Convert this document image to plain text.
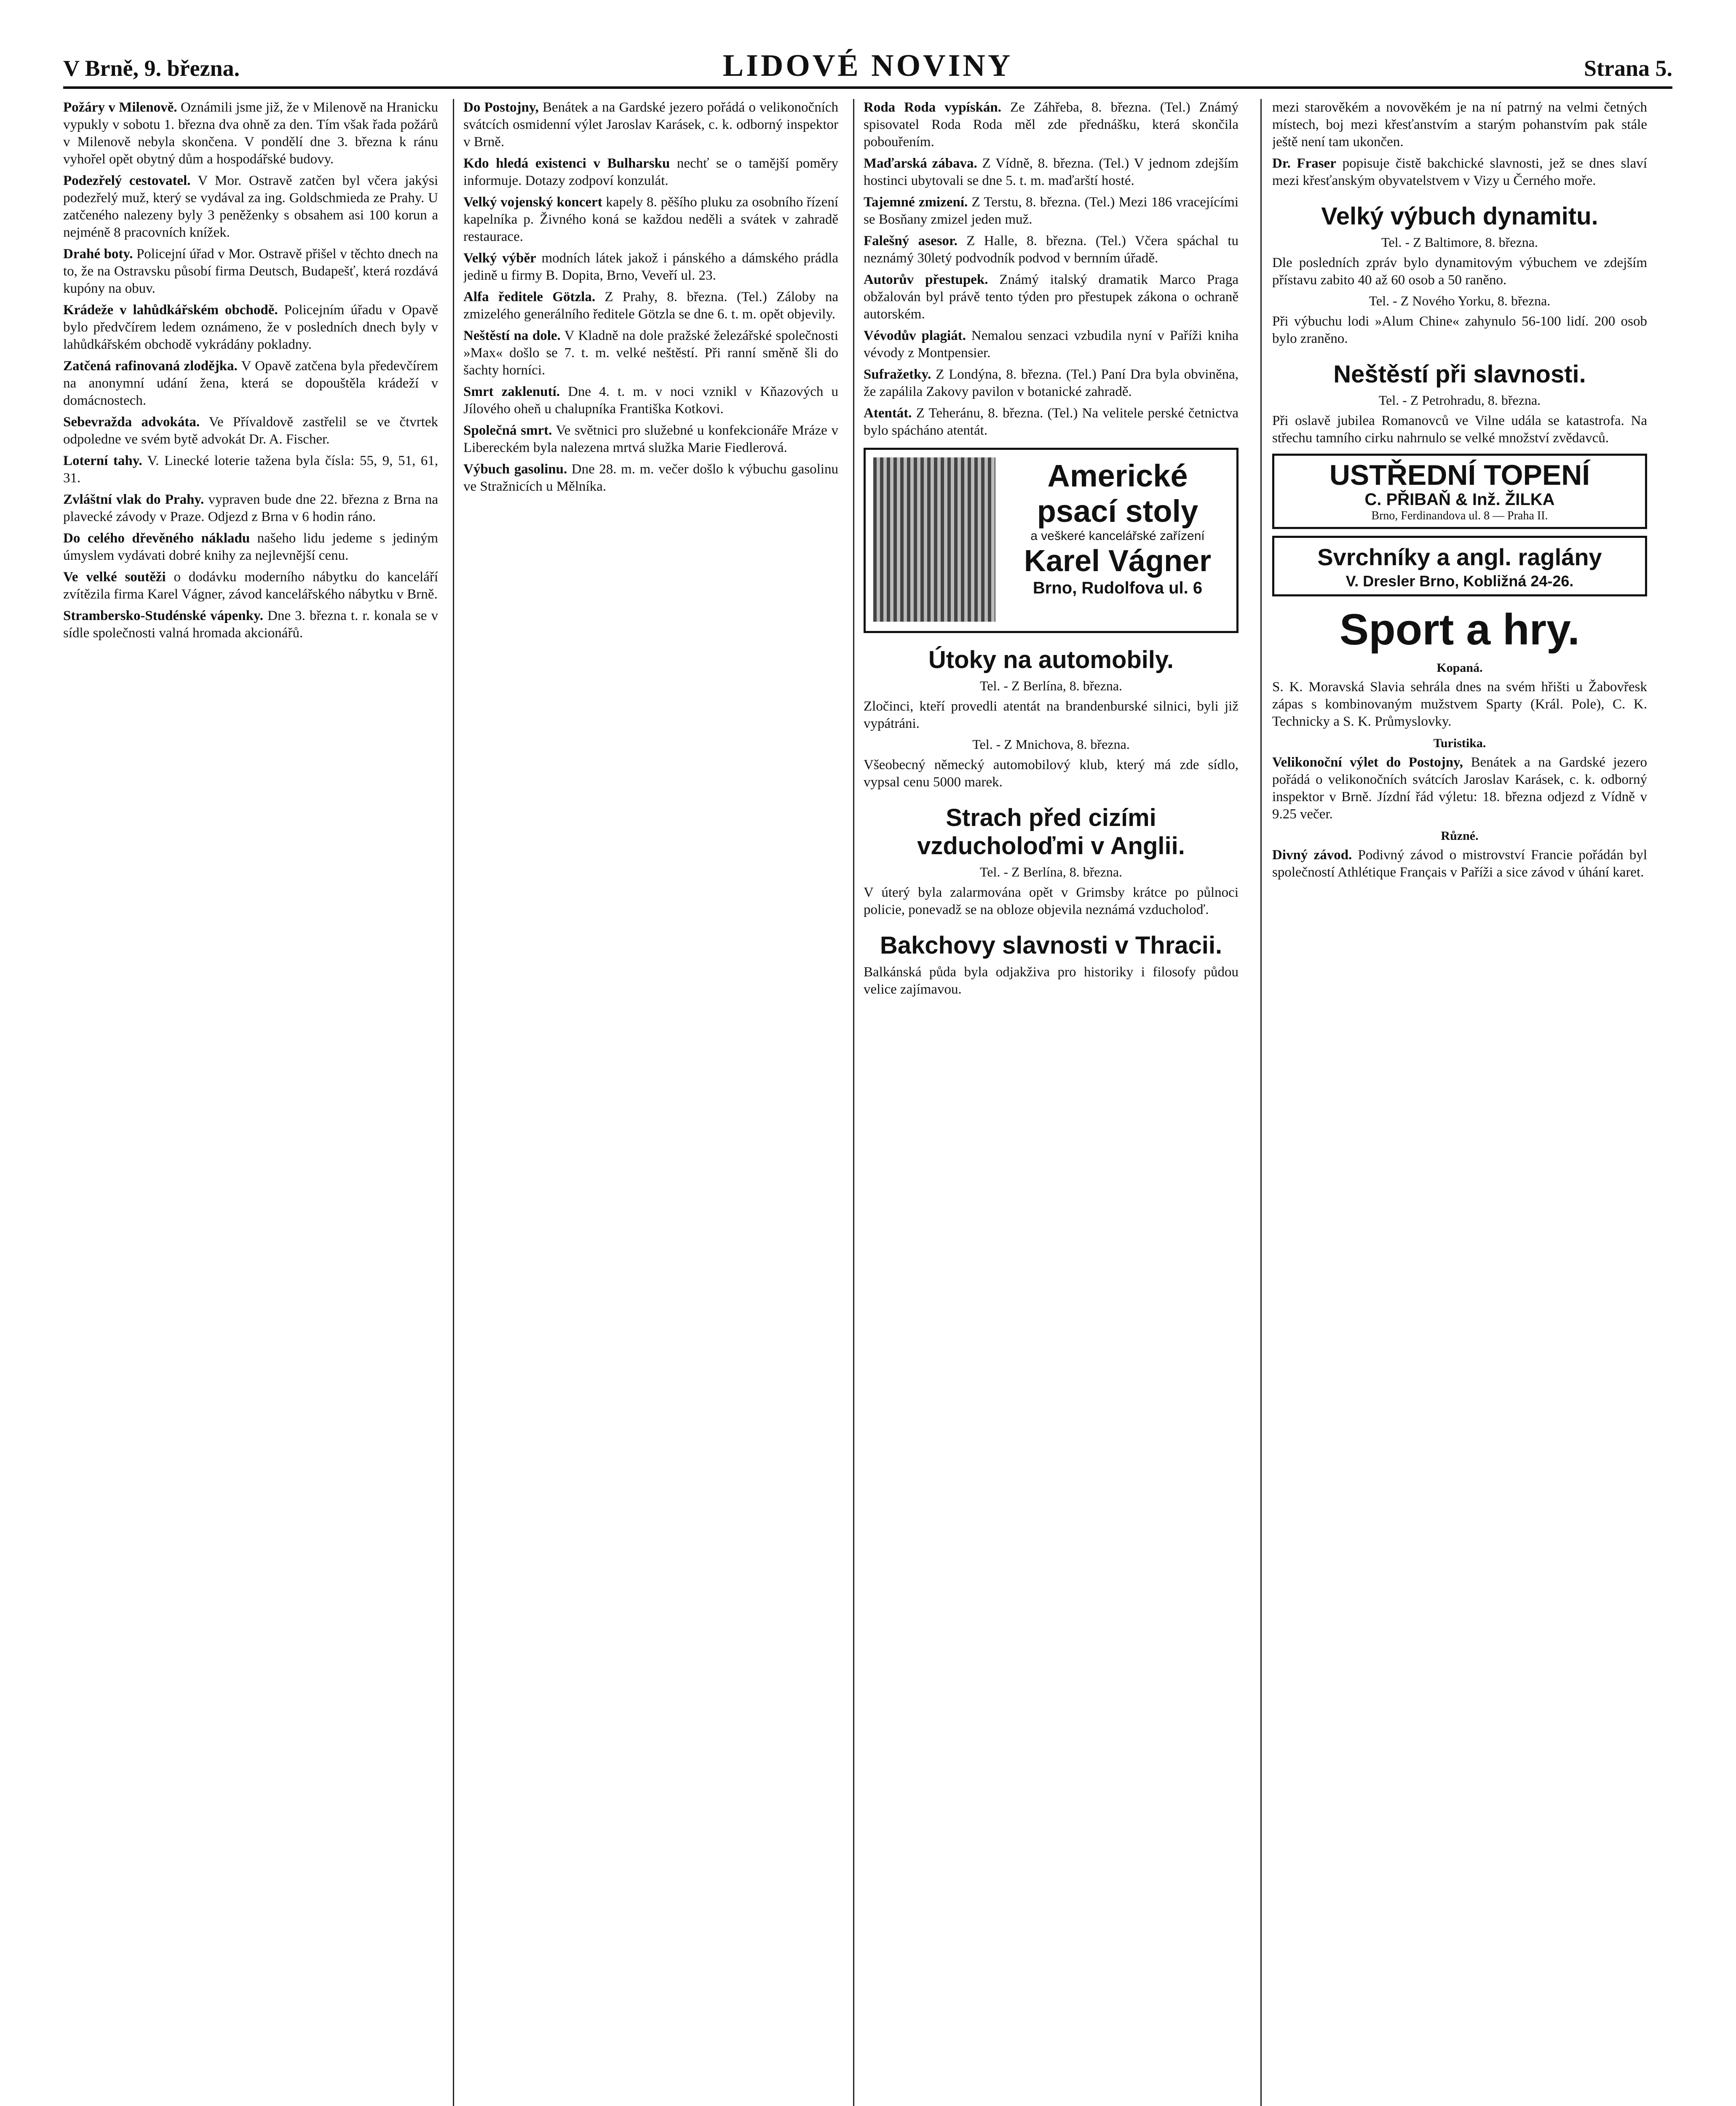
V Brně, 9. března.	LIDOVÉ NOVINY	Strana 5.

Požáry v Milenově. Oznámili jsme již, že v Milenově na Hranicku vypukly v sobotu 1. března dva ohně za den. Tím však řada požárů v Milenově nebyla skončena. V pondělí dne 3. března k ránu vyhořel opět obytný dům a hospodářské budovy.

Podezřelý cestovatel. V Mor. Ostravě zatčen byl včera jakýsi podezřelý muž, který se vydával za ing. Goldschmieda ze Prahy. U zatčeného nalezeny byly 3 peněženky s obsahem asi 100 korun a nejméně 8 pracovních knížek.

Drahé boty. Policejní úřad v Mor. Ostravě přišel v těchto dnech na to, že na Ostravsku působí firma Deutsch, Budapešť, která rozdává kupóny na obuv.

Krádeže v lahůdkářském obchodě. Policejním úřadu v Opavě bylo předvčírem ledem oznámeno, že v posledních dnech byly v lahůdkářském obchodě vykrádány pokladny.

Zatčená rafinovaná zlodějka. V Opavě zatčena byla předevčírem na anonymní udání žena, která se dopouštěla krádeží v domácnostech.

Sebevražda advokáta. Ve Přívaldově zastřelil se ve čtvrtek odpoledne ve svém bytě advokát Dr. A. Fischer.

Loterní tahy. V. Linecké loterie tažena byla čísla: 55, 9, 51, 61, 31.

Zvláštní vlak do Prahy. vypraven bude dne 22. března z Brna na plavecké závody v Praze. Odjezd z Brna v 6 hodin ráno.

Do celého dřevěného nákladu našeho lidu jedeme s jediným úmyslem vydávati dobré knihy za nejlevnější cenu.

Ve velké soutěži o dodávku moderního nábytku do kanceláří zvítězila firma Karel Vágner, závod kancelářského nábytku v Brně.

Strambersko-Studénské vápenky. Dne 3. března t. r. konala se v sídle společnosti valná hromada akcionářů.

Do Postojny, Benátek a na Gardské jezero pořádá o velikonočních svátcích osmidenní výlet Jaroslav Karásek, c. k. odborný inspektor v Brně.

Kdo hledá existenci v Bulharsku nechť se o tamější poměry informuje. Dotazy zodpoví konzulát.

Velký vojenský koncert kapely 8. pěšího pluku za osobního řízení kapelníka p. Živného koná se každou neděli a svátek v zahradě restaurace.

Velký výběr modních látek jakož i pánského a dámského prádla jedině u firmy B. Dopita, Brno, Veveří ul. 23.

Alfa ředitele Götzla. Z Prahy, 8. března. (Tel.) Záloby na zmizelého generálního ředitele Götzla se dne 6. t. m. opět objevily.

Neštěstí na dole. V Kladně na dole pražské železářské společnosti »Max« došlo se 7. t. m. velké neštěstí. Při ranní směně šli do šachty horníci.

Smrt zaklenutí. Dne 4. t. m. v noci vznikl v Kňazových u Jílového oheň u chalupníka Františka Kotkovi.

Společná smrt. Ve světnici pro služebné u konfekcionáře Mráze v Libereckém byla nalezena mrtvá služka Marie Fiedlerová.

Výbuch gasolinu. Dne 28. m. m. večer došlo k výbuchu gasolinu ve Stražnicích u Mělníka.

Roda Roda vypískán. Ze Záhřeba, 8. března. (Tel.) Známý spisovatel Roda Roda měl zde přednášku, která skončila pobouřením.

Maďarská zábava. Z Vídně, 8. března. (Tel.) V jednom zdejším hostinci ubytovali se dne 5. t. m. maďarští hosté.

Tajemné zmizení. Z Terstu, 8. března. (Tel.) Mezi 186 vracejícími se Bosňany zmizel jeden muž.

Falešný asesor. Z Halle, 8. března. (Tel.) Včera spáchal tu neznámý 30letý podvodník podvod v bernním úřadě.

Autorův přestupek. Známý italský dramatik Marco Praga obžalován byl právě tento týden pro přestupek zákona o ochraně autorském.

Vévodův plagiát. Nemalou senzaci vzbudila nyní v Paříži kniha vévody z Montpensier.

Sufražetky. Z Londýna, 8. března. (Tel.) Paní Dra byla obviněna, že zapálila Zakovy pavilon v botanické zahradě.

Atentát. Z Teheránu, 8. března. (Tel.) Na velitele perské četnictva bylo spácháno atentát.

Americké psací stoly
a veškeré kancelářské zařízení
Karel Vágner
Brno, Rudolfova ul. 6
Útoky na automobily.
Tel. - Z Berlína, 8. března.

Zločinci, kteří provedli atentát na brandenburské silnici, byli již vypátráni.

Tel. - Z Mnichova, 8. března.

Všeobecný německý automobilový klub, který má zde sídlo, vypsal cenu 5000 marek.

Strach před cizími vzducholoďmi v Anglii.
Tel. - Z Berlína, 8. března.

V úterý byla zalarmována opět v Grimsby krátce po půlnoci policie, ponevadž se na obloze objevila neznámá vzducholoď.

Bakchovy slavnosti v Thracii.

Balkánská půda byla odjakživa pro historiky i filosofy půdou velice zajímavou.

mezi starověkém a novověkém je na ní patrný na velmi četných místech, boj mezi křesťanstvím a starým pohanstvím pak stále ještě není tam ukončen.

Dr. Fraser popisuje čistě bakchické slavnosti, jež se dnes slaví mezi křesťanským obyvatelstvem v Vizy u Černého moře.

Velký výbuch dynamitu.
Tel. - Z Baltimore, 8. března.

Dle posledních zpráv bylo dynamitovým výbuchem ve zdejším přístavu zabito 40 až 60 osob a 50 raněno.

Tel. - Z Nového Yorku, 8. března.

Při výbuchu lodi »Alum Chine« zahynulo 56-100 lidí. 200 osob bylo zraněno.

Neštěstí při slavnosti.
Tel. - Z Petrohradu, 8. března.

Při oslavě jubilea Romanovců ve Vilne udála se katastrofa. Na střechu tamního cirku nahrnulo se velké množství zvědavců.

USTŘEDNÍ TOPENÍ
C. PŘIBAŇ & Inž. ŽILKA
Brno, Ferdinandova ul. 8 — Praha II.
Svrchníky a angl. raglány
V. Dresler Brno, Kobližná 24-26.
Sport a hry.
Kopaná.

S. K. Moravská Slavia sehrála dnes na svém hřišti u Žabovřesk zápas s kombinovaným mužstvem Sparty (Král. Pole), C. K. Technicky a S. K. Průmyslovky.

Turistika.

Velikonoční výlet do Postojny, Benátek a na Gardské jezero pořádá o velikonočních svátcích Jaroslav Karásek, c. k. odborný inspektor v Brně. Jízdní řád výletu: 18. března odjezd z Vídně v 9.25 večer.

Různé.

Divný závod. Podivný závod o mistrovství Francie pořádán byl společností Athlétique Français v Paříži a sice závod v úhání karet.
